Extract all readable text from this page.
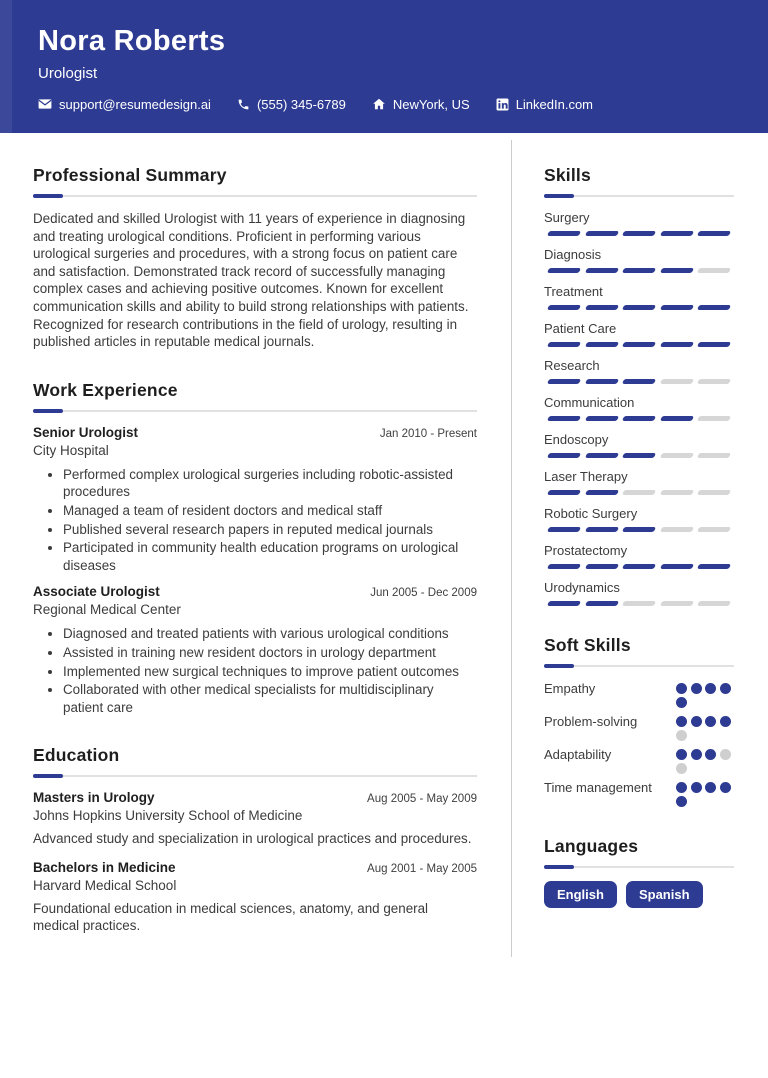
Nora Roberts
Urologist
support@resumedesign.ai	(555) 345-6789	NewYork, US	LinkedIn.com
Professional Summary

Dedicated and skilled Urologist with 11 years of experience in diagnosing and treating urological conditions. Proficient in performing various urological surgeries and procedures, with a strong focus on patient care and satisfaction. Demonstrated track record of successfully managing complex cases and achieving positive outcomes. Known for excellent communication skills and ability to build strong relationships with patients. Recognized for research contributions in the field of urology, resulting in published articles in reputable medical journals.

Work Experience
Senior Urologist	Jan 2010 - Present
City Hospital
• Performed complex urological surgeries including robotic-assisted procedures
• Managed a team of resident doctors and medical staff
• Published several research papers in reputed medical journals
• Participated in community health education programs on urological diseases
Associate Urologist	Jun 2005 - Dec 2009
Regional Medical Center
• Diagnosed and treated patients with various urological conditions
• Assisted in training new resident doctors in urology department
• Implemented new surgical techniques to improve patient outcomes
• Collaborated with other medical specialists for multidisciplinary patient care
Education
Masters in Urology	Aug 2005 - May 2009
Johns Hopkins University School of Medicine

Advanced study and specialization in urological practices and procedures.

Bachelors in Medicine	Aug 2001 - May 2005
Harvard Medical School

Foundational education in medical sciences, anatomy, and general medical practices.

Skills
Surgery
Diagnosis
Treatment
Patient Care
Research
Communication
Endoscopy
Laser Therapy
Robotic Surgery
Prostatectomy
Urodynamics
Soft Skills
Empathy
Problem-solving
Adaptability
Time management
Languages
English	Spanish
